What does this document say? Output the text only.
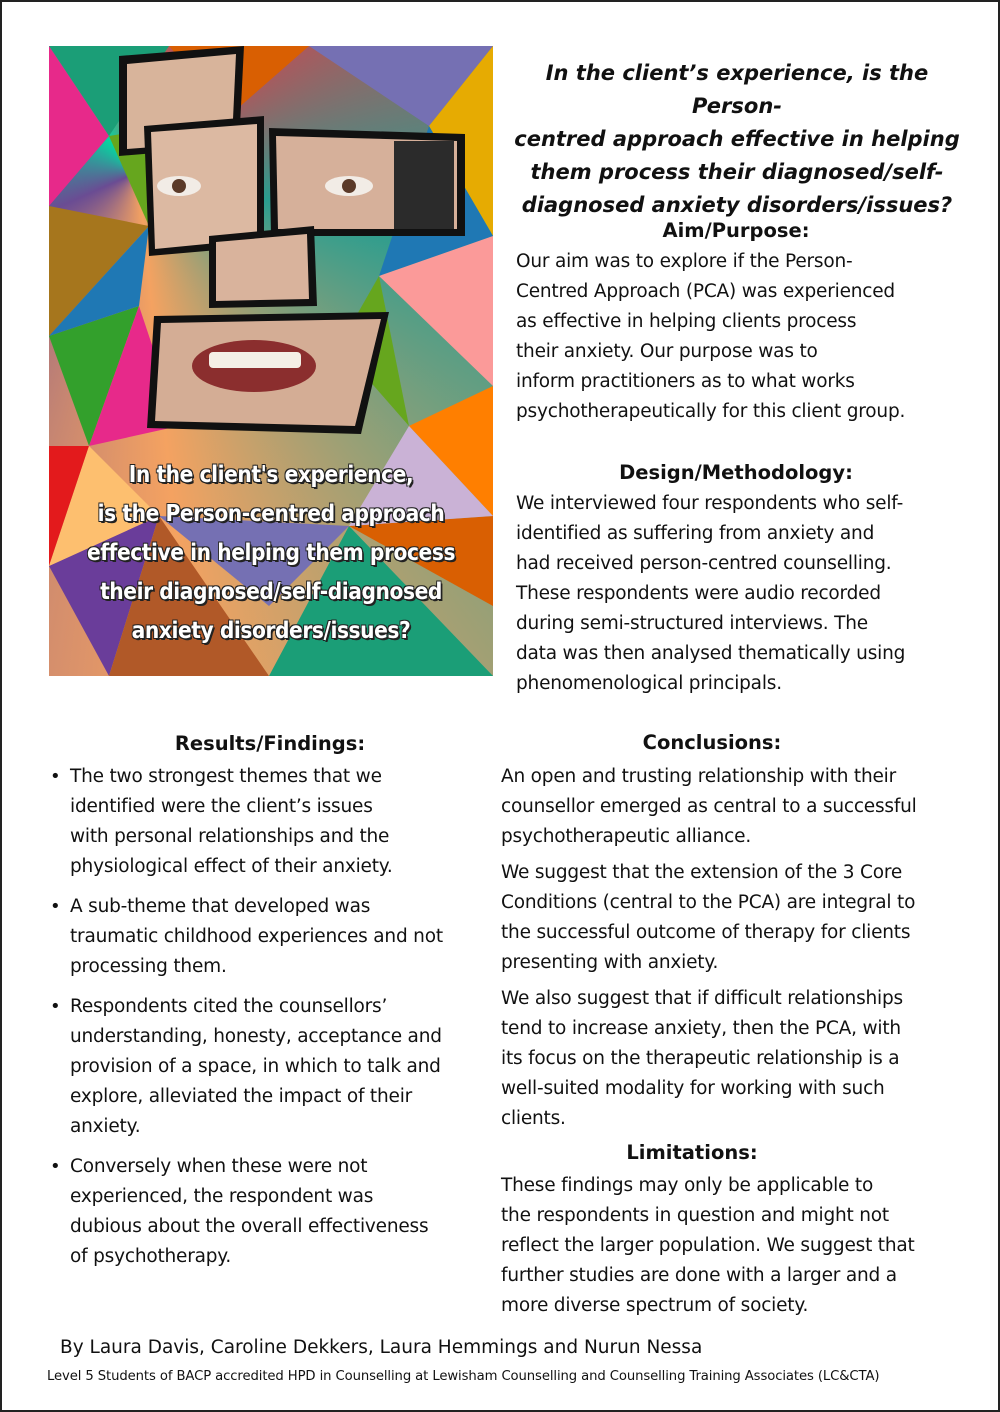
In the client's experience,
is the Person-centred approach
effective in helping them process
their diagnosed/self-diagnosed
anxiety disorders/issues?
In the client’s experience, is the Person-
centred approach effective in helping
them process their diagnosed/self-
diagnosed anxiety disorders/issues?
Aim/Purpose:
Our aim was to explore if the Person-
Centred Approach (PCA) was experienced
as effective in helping clients process
their anxiety. Our purpose was to
inform practitioners as to what works
psychotherapeutically for this client group.
Design/Methodology:
We interviewed four respondents who self-
identified as suffering from anxiety and
had received person-centred counselling.
These respondents were audio recorded
during semi-structured interviews. The
data was then analysed thematically using
phenomenological principals.
Results/Findings:
• The two strongest themes that we
identified were the client’s issues
with personal relationships and the
physiological effect of their anxiety.
• A sub-theme that developed was
traumatic childhood experiences and not
processing them.
• Respondents cited the counsellors’
understanding, honesty, acceptance and
provision of a space, in which to talk and
explore, alleviated the impact of their
anxiety.
• Conversely when these were not
experienced, the respondent was
dubious about the overall effectiveness
of psychotherapy.
Conclusions:

An open and trusting relationship with their
counsellor emerged as central to a successful
psychotherapeutic alliance.

We suggest that the extension of the 3 Core
Conditions (central to the PCA) are integral to
the successful outcome of therapy for clients
presenting with anxiety.

We also suggest that if difficult relationships
tend to increase anxiety, then the PCA, with
its focus on the therapeutic relationship is a
well-suited modality for working with such
clients.

Limitations:
These findings may only be applicable to
the respondents in question and might not
reflect the larger population. We suggest that
further studies are done with a larger and a
more diverse spectrum of society.
By Laura Davis, Caroline Dekkers, Laura Hemmings and Nurun Nessa
Level 5 Students of BACP accredited HPD in Counselling at Lewisham Counselling and Counselling Training Associates (LC&CTA)
